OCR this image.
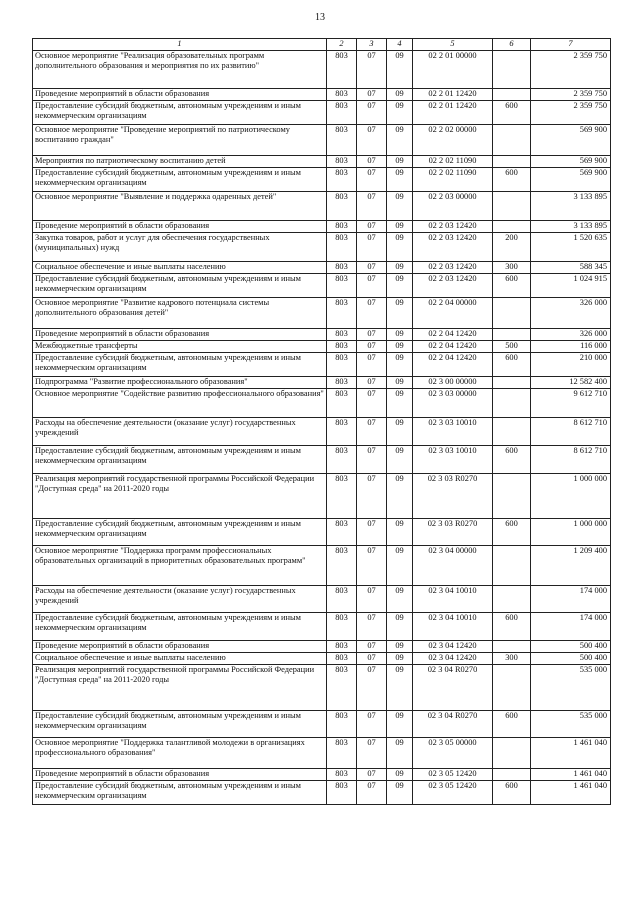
13
1	2	3	4	5	6	7
Основное мероприятие "Реализация образовательных программ дополнительного образования и мероприятия по их развитию"	803	07	09	02 2 01 00000		2 359 750
Проведение мероприятий в области образования	803	07	09	02 2 01 12420		2 359 750
Предоставление субсидий бюджетным, автономным учреждениям и иным некоммерческим организациям	803	07	09	02 2 01 12420	600	2 359 750
Основное мероприятие "Проведение мероприятий по патриотическому воспитанию граждан"	803	07	09	02 2 02 00000		569 900
Мероприятия по патриотическому воспитанию детей	803	07	09	02 2 02 11090		569 900
Предоставление субсидий бюджетным, автономным учреждениям и иным некоммерческим организациям	803	07	09	02 2 02 11090	600	569 900
Основное мероприятие "Выявление и поддержка одаренных детей"	803	07	09	02 2 03 00000		3 133 895
Проведение мероприятий в области образования	803	07	09	02 2 03 12420		3 133 895
Закупка товаров, работ и услуг для обеспечения государственных (муниципальных) нужд	803	07	09	02 2 03 12420	200	1 520 635
Социальное обеспечение и иные выплаты населению	803	07	09	02 2 03 12420	300	588 345
Предоставление субсидий бюджетным, автономным учреждениям и иным некоммерческим организациям	803	07	09	02 2 03 12420	600	1 024 915
Основное мероприятие "Развитие кадрового потенциала системы дополнительного образования детей"	803	07	09	02 2 04 00000		326 000
Проведение мероприятий в области образования	803	07	09	02 2 04 12420		326 000
Межбюджетные трансферты	803	07	09	02 2 04 12420	500	116 000
Предоставление субсидий бюджетным, автономным учреждениям и иным некоммерческим организациям	803	07	09	02 2 04 12420	600	210 000
Подпрограмма "Развитие профессионального образования"	803	07	09	02 3 00 00000		12 582 400
Основное мероприятие "Содействие развитию профессионального образования"	803	07	09	02 3 03 00000		9 612 710
Расходы на обеспечение деятельности (оказание услуг) государственных учреждений	803	07	09	02 3 03 10010		8 612 710
Предоставление субсидий бюджетным, автономным учреждениям и иным некоммерческим организациям	803	07	09	02 3 03 10010	600	8 612 710
Реализация мероприятий государственной программы Российской Федерации "Доступная среда" на 2011-2020 годы	803	07	09	02 3 03 R0270		1 000 000
Предоставление субсидий бюджетным, автономным учреждениям и иным некоммерческим организациям	803	07	09	02 3 03 R0270	600	1 000 000
Основное мероприятие "Поддержка программ профессиональных образовательных организаций в приоритетных образовательных программ"	803	07	09	02 3 04 00000		1 209 400
Расходы на обеспечение деятельности (оказание услуг) государственных учреждений	803	07	09	02 3 04 10010		174 000
Предоставление субсидий бюджетным, автономным учреждениям и иным некоммерческим организациям	803	07	09	02 3 04 10010	600	174 000
Проведение мероприятий в области образования	803	07	09	02 3 04 12420		500 400
Социальное обеспечение и иные выплаты населению	803	07	09	02 3 04 12420	300	500 400
Реализация мероприятий государственной программы Российской Федерации "Доступная среда" на 2011-2020 годы	803	07	09	02 3 04 R0270		535 000
Предоставление субсидий бюджетным, автономным учреждениям и иным некоммерческим организациям	803	07	09	02 3 04 R0270	600	535 000
Основное мероприятие "Поддержка талантливой молодежи в организациях профессионального образования"	803	07	09	02 3 05 00000		1 461 040
Проведение мероприятий в области образования	803	07	09	02 3 05 12420		1 461 040
Предоставление субсидий бюджетным, автономным учреждениям и иным некоммерческим организациям	803	07	09	02 3 05 12420	600	1 461 040
